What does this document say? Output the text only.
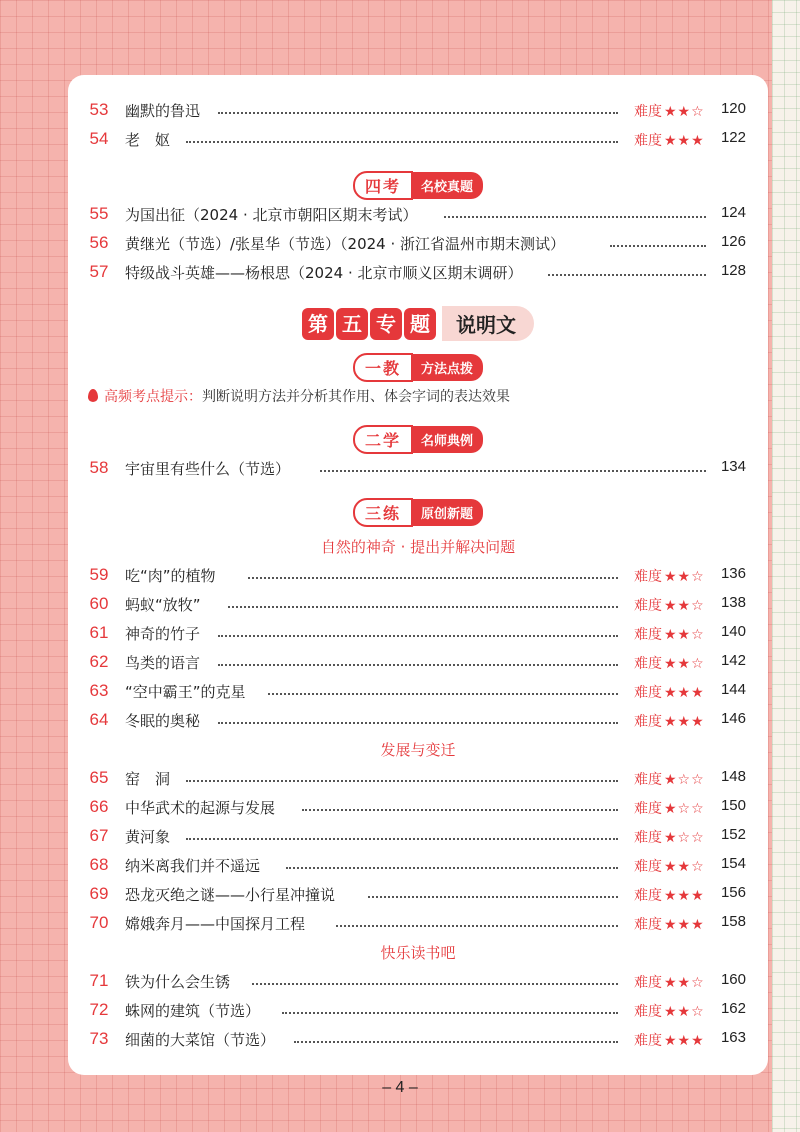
53	幽默的鲁迅	难度 ★★☆ 120
54	老　妪	难度 ★★★ 122
四考	名校真题
55	为国出征（2024 · 北京市朝阳区期末考试）	124
56	黄继光（节选）/张星华（节选）（2024 · 浙江省温州市期末测试）	126
57	特级战斗英雄——杨根思（2024 · 北京市顺义区期末调研）	128
第 五 专 题	说明文
一教	方法点拨
高频考点提示：判断说明方法并分析其作用、体会字词的表达效果
二学	名师典例
58	宇宙里有些什么（节选）	134
三练	原创新题
自然的神奇 · 提出并解决问题
59	吃“肉”的植物	难度 ★★☆ 136
60	蚂蚁“放牧”	难度 ★★☆ 138
61	神奇的竹子	难度 ★★☆ 140
62	鸟类的语言	难度 ★★☆ 142
63	“空中霸王”的克星	难度 ★★★ 144
64	冬眠的奥秘	难度 ★★★ 146
发展与变迁
65	窑　洞	难度 ★☆☆ 148
66	中华武术的起源与发展	难度 ★☆☆ 150
67	黄河象	难度 ★☆☆ 152
68	纳米离我们并不遥远	难度 ★★☆ 154
69	恐龙灭绝之谜——小行星冲撞说	难度 ★★★ 156
70	嫦娥奔月——中国探月工程	难度 ★★★ 158
快乐读书吧
71	铁为什么会生锈	难度 ★★☆ 160
72	蛛网的建筑（节选）	难度 ★★☆ 162
73	细菌的大菜馆（节选）	难度 ★★★ 163
– 4 –
